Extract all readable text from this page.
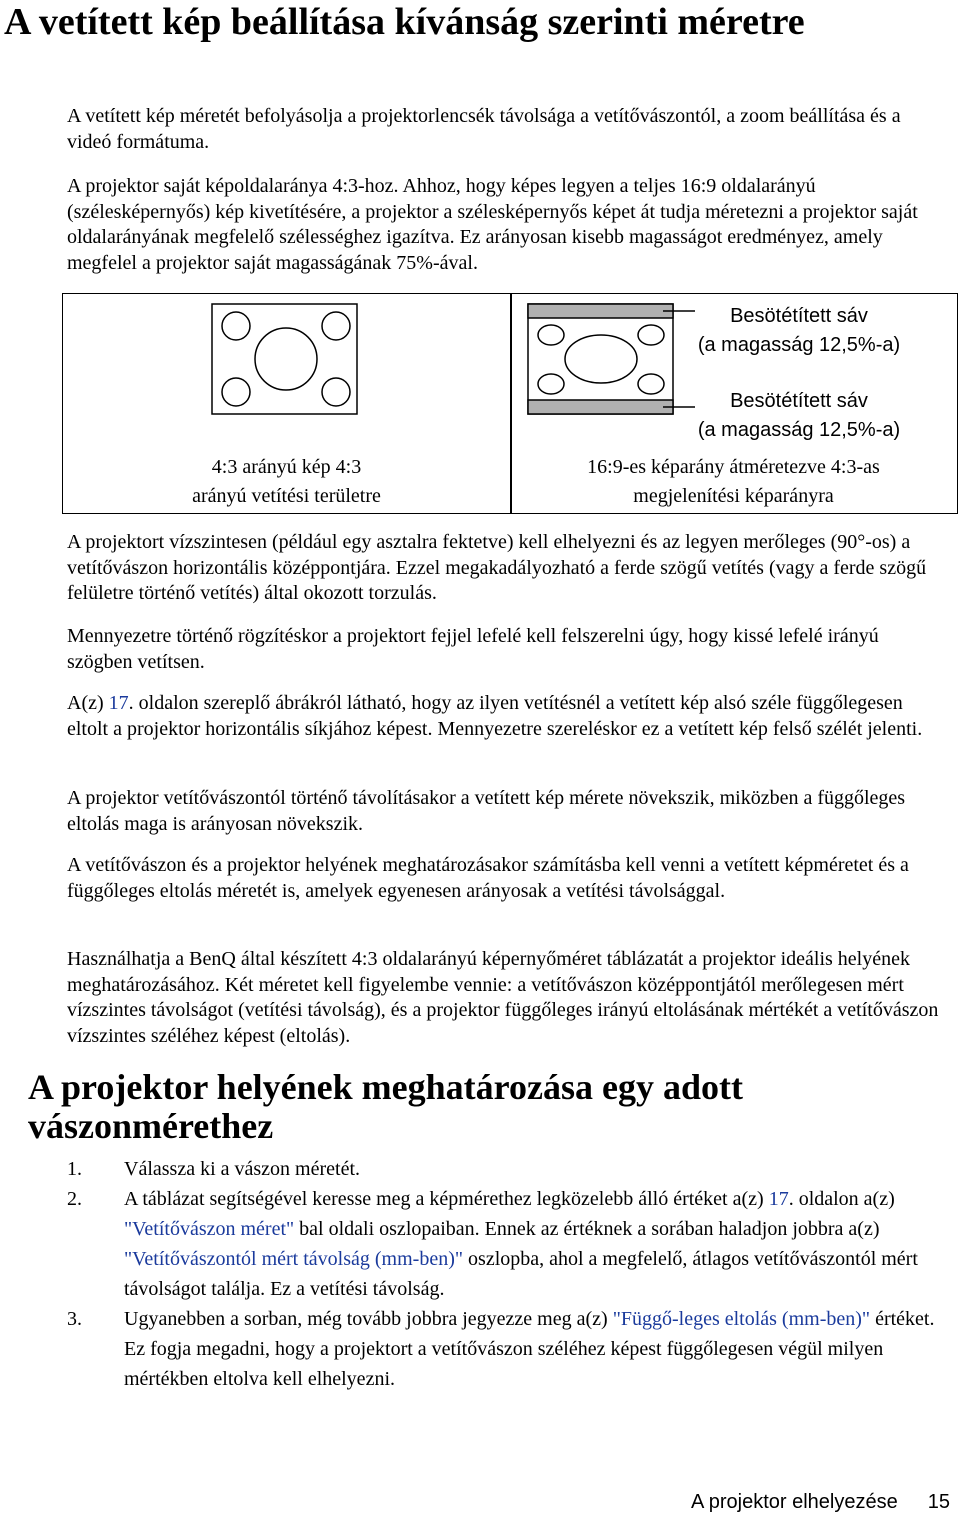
A vetített kép beállítása kívánság szerinti méretre

A vetített kép méretét befolyásolja a projektorlencsék távolsága a vetítővászontól, a zoom beállítása és a videó formátuma.

A projektor saját képoldalaránya 4:3-hoz. Ahhoz, hogy képes legyen a teljes 16:9 oldalarányú (szélesképernyős) kép kivetítésére, a projektor a szélesképernyős képet át tudja méretezni a projektor saját oldalarányának megfelelő szélességhez igazítva. Ez arányosan kisebb magasságot eredményez, amely megfelel a projektor saját magasságának 75%-ával.

Besötétített sáv
(a magasság 12,5%-a)
Besötétített sáv
(a magasság 12,5%-a)
4:3 arányú kép 4:3
arányú vetítési területre
16:9-es képarány átméretezve 4:3-as
megjelenítési képarányra

A projektort vízszintesen (például egy asztalra fektetve) kell elhelyezni és az legyen merőleges (90°-os) a vetítővászon horizontális középpontjára. Ezzel megakadályozható a ferde szögű vetítés (vagy a ferde szögű felületre történő vetítés) által okozott torzulás.

Mennyezetre történő rögzítéskor a projektort fejjel lefelé kell felszerelni úgy, hogy kissé lefelé irányú szögben vetítsen.

A(z) 17. oldalon szereplő ábrákról látható, hogy az ilyen vetítésnél a vetített kép alsó széle függőlegesen eltolt a projektor horizontális síkjához képest. Mennyezetre szereléskor ez a vetített kép felső szélét jelenti.

A projektor vetítővászontól történő távolításakor a vetített kép mérete növekszik, miközben a függőleges eltolás maga is arányosan növekszik.

A vetítővászon és a projektor helyének meghatározásakor számításba kell venni a vetített képméretet és a függőleges eltolás méretét is, amelyek egyenesen arányosak a vetítési távolsággal.

Használhatja a BenQ által készített 4:3 oldalarányú képernyőméret táblázatát a projektor ideális helyének meghatározásához. Két méretet kell figyelembe vennie: a vetítővászon középpontjától merőlegesen mért vízszintes távolságot (vetítési távolság), és a projektor függőleges irányú eltolásának mértékét a vetítővászon vízszintes széléhez képest (eltolás).

A projektor helyének meghatározása egy adott vászonmérethez
1. Válassza ki a vászon méretét.
2. A táblázat segítségével keresse meg a képmérethez legközelebb álló értéket a(z) 17. oldalon a(z) "Vetítővászon méret" bal oldali oszlopaiban. Ennek az értéknek a sorában haladjon jobbra a(z) "Vetítővászontól mért távolság (mm-ben)" oszlopba, ahol a megfelelő, átlagos vetítővászontól mért távolságot találja. Ez a vetítési távolság.
3. Ugyanebben a sorban, még tovább jobbra jegyezze meg a(z) "Függő-leges eltolás (mm-ben)" értéket. Ez fogja megadni, hogy a projektort a vetítővászon széléhez képest függőlegesen végül milyen mértékben eltolva kell elhelyezni.
A projektor elhelyezése 15
